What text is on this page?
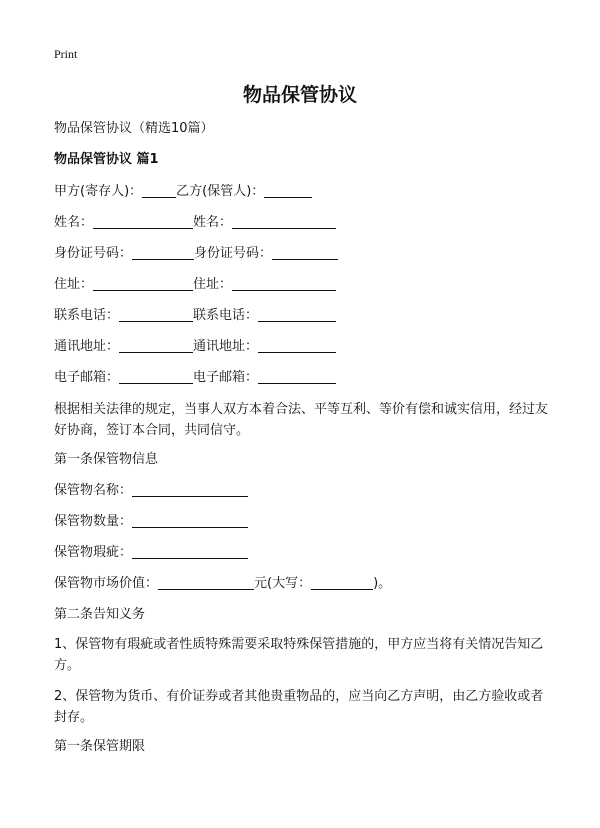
Print
物品保管协议
物品保管协议（精选10篇）
物品保管协议 篇1
甲方(寄存人)：	乙方(保管人)：
姓名：	姓名：
身份证号码：	身份证号码：
住址：	住址：
联系电话：	联系电话：
通讯地址：	通讯地址：
电子邮箱：	电子邮箱：
根据相关法律的规定，当事人双方本着合法、平等互利、等价有偿和诚实信用，经过友好协商，签订本合同，共同信守。
第一条保管物信息
保管物名称：
保管物数量：
保管物瑕疵：
保管物市场价值：	元(大写：	)。
第二条告知义务
1、保管物有瑕疵或者性质特殊需要采取特殊保管措施的，甲方应当将有关情况告知乙方。
2、保管物为货币、有价证券或者其他贵重物品的，应当向乙方声明，由乙方验收或者封存。
第一条保管期限
